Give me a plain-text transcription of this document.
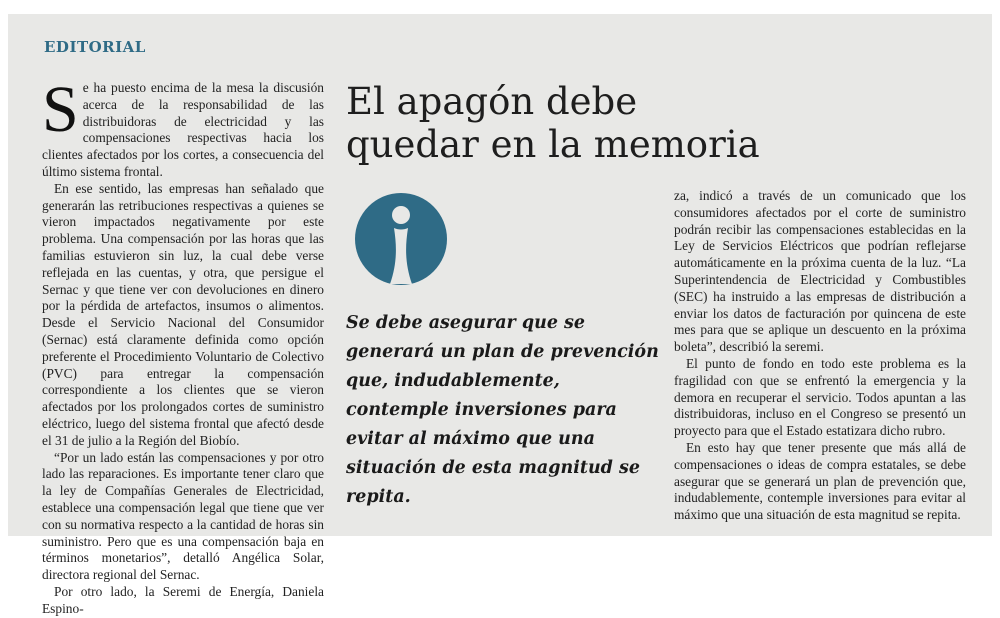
EDITORIAL

Se ha puesto encima de la mesa la discusión acerca de la responsabilidad de las distribuidoras de electricidad y las compensaciones respectivas hacia los clientes afectados por los cortes, a consecuencia del último sistema frontal.

En ese sentido, las empresas han señalado que generarán las retribuciones respectivas a quienes se vieron impactados negativamente por este problema. Una compensación por las horas que las familias estuvieron sin luz, la cual debe verse reflejada en las cuentas, y otra, que persigue el Sernac y que tiene ver con devoluciones en dinero por la pérdida de artefactos, insumos o alimentos. Desde el Servicio Nacional del Consumidor (Sernac) está claramente definida como opción preferente el Procedimiento Voluntario de Colectivo (PVC) para entregar la compensación correspondiente a los clientes que se vieron afectados por los prolongados cortes de suministro eléctrico, luego del sistema frontal que afectó desde el 31 de julio a la Región del Biobío.

“Por un lado están las compensaciones y por otro lado las reparaciones. Es importante tener claro que la ley de Compañías Generales de Electricidad, establece una compensación legal que tiene que ver con su normativa respecto a la cantidad de horas sin suministro. Pero que es una compensación baja en términos monetarios”, detalló Angélica Solar, directora regional del Sernac.

Por otro lado, la Seremi de Energía, Daniela Espino-

El apagón debe quedar en la memoria
Se debe asegurar que se generará un plan de prevención que, indudablemente, contemple inversiones para evitar al máximo que una situación de esta magnitud se repita.

za, indicó a través de un comunicado que los consumidores afectados por el corte de suministro podrán recibir las compensaciones establecidas en la Ley de Servicios Eléctricos que podrían reflejarse automáticamente en la próxima cuenta de la luz. “La Superintendencia de Electricidad y Combustibles (SEC) ha instruido a las empresas de distribución a enviar los datos de facturación por quincena de este mes para que se aplique un descuento en la próxima boleta”, describió la seremi.

El punto de fondo en todo este problema es la fragilidad con que se enfrentó la emergencia y la demora en recuperar el servicio. Todos apuntan a las distribuidoras, incluso en el Congreso se presentó un proyecto para que el Estado estatizara dicho rubro.

En esto hay que tener presente que más allá de compensaciones o ideas de compra estatales, se debe asegurar que se generará un plan de prevención que, indudablemente, contemple inversiones para evitar al máximo que una situación de esta magnitud se repita.
